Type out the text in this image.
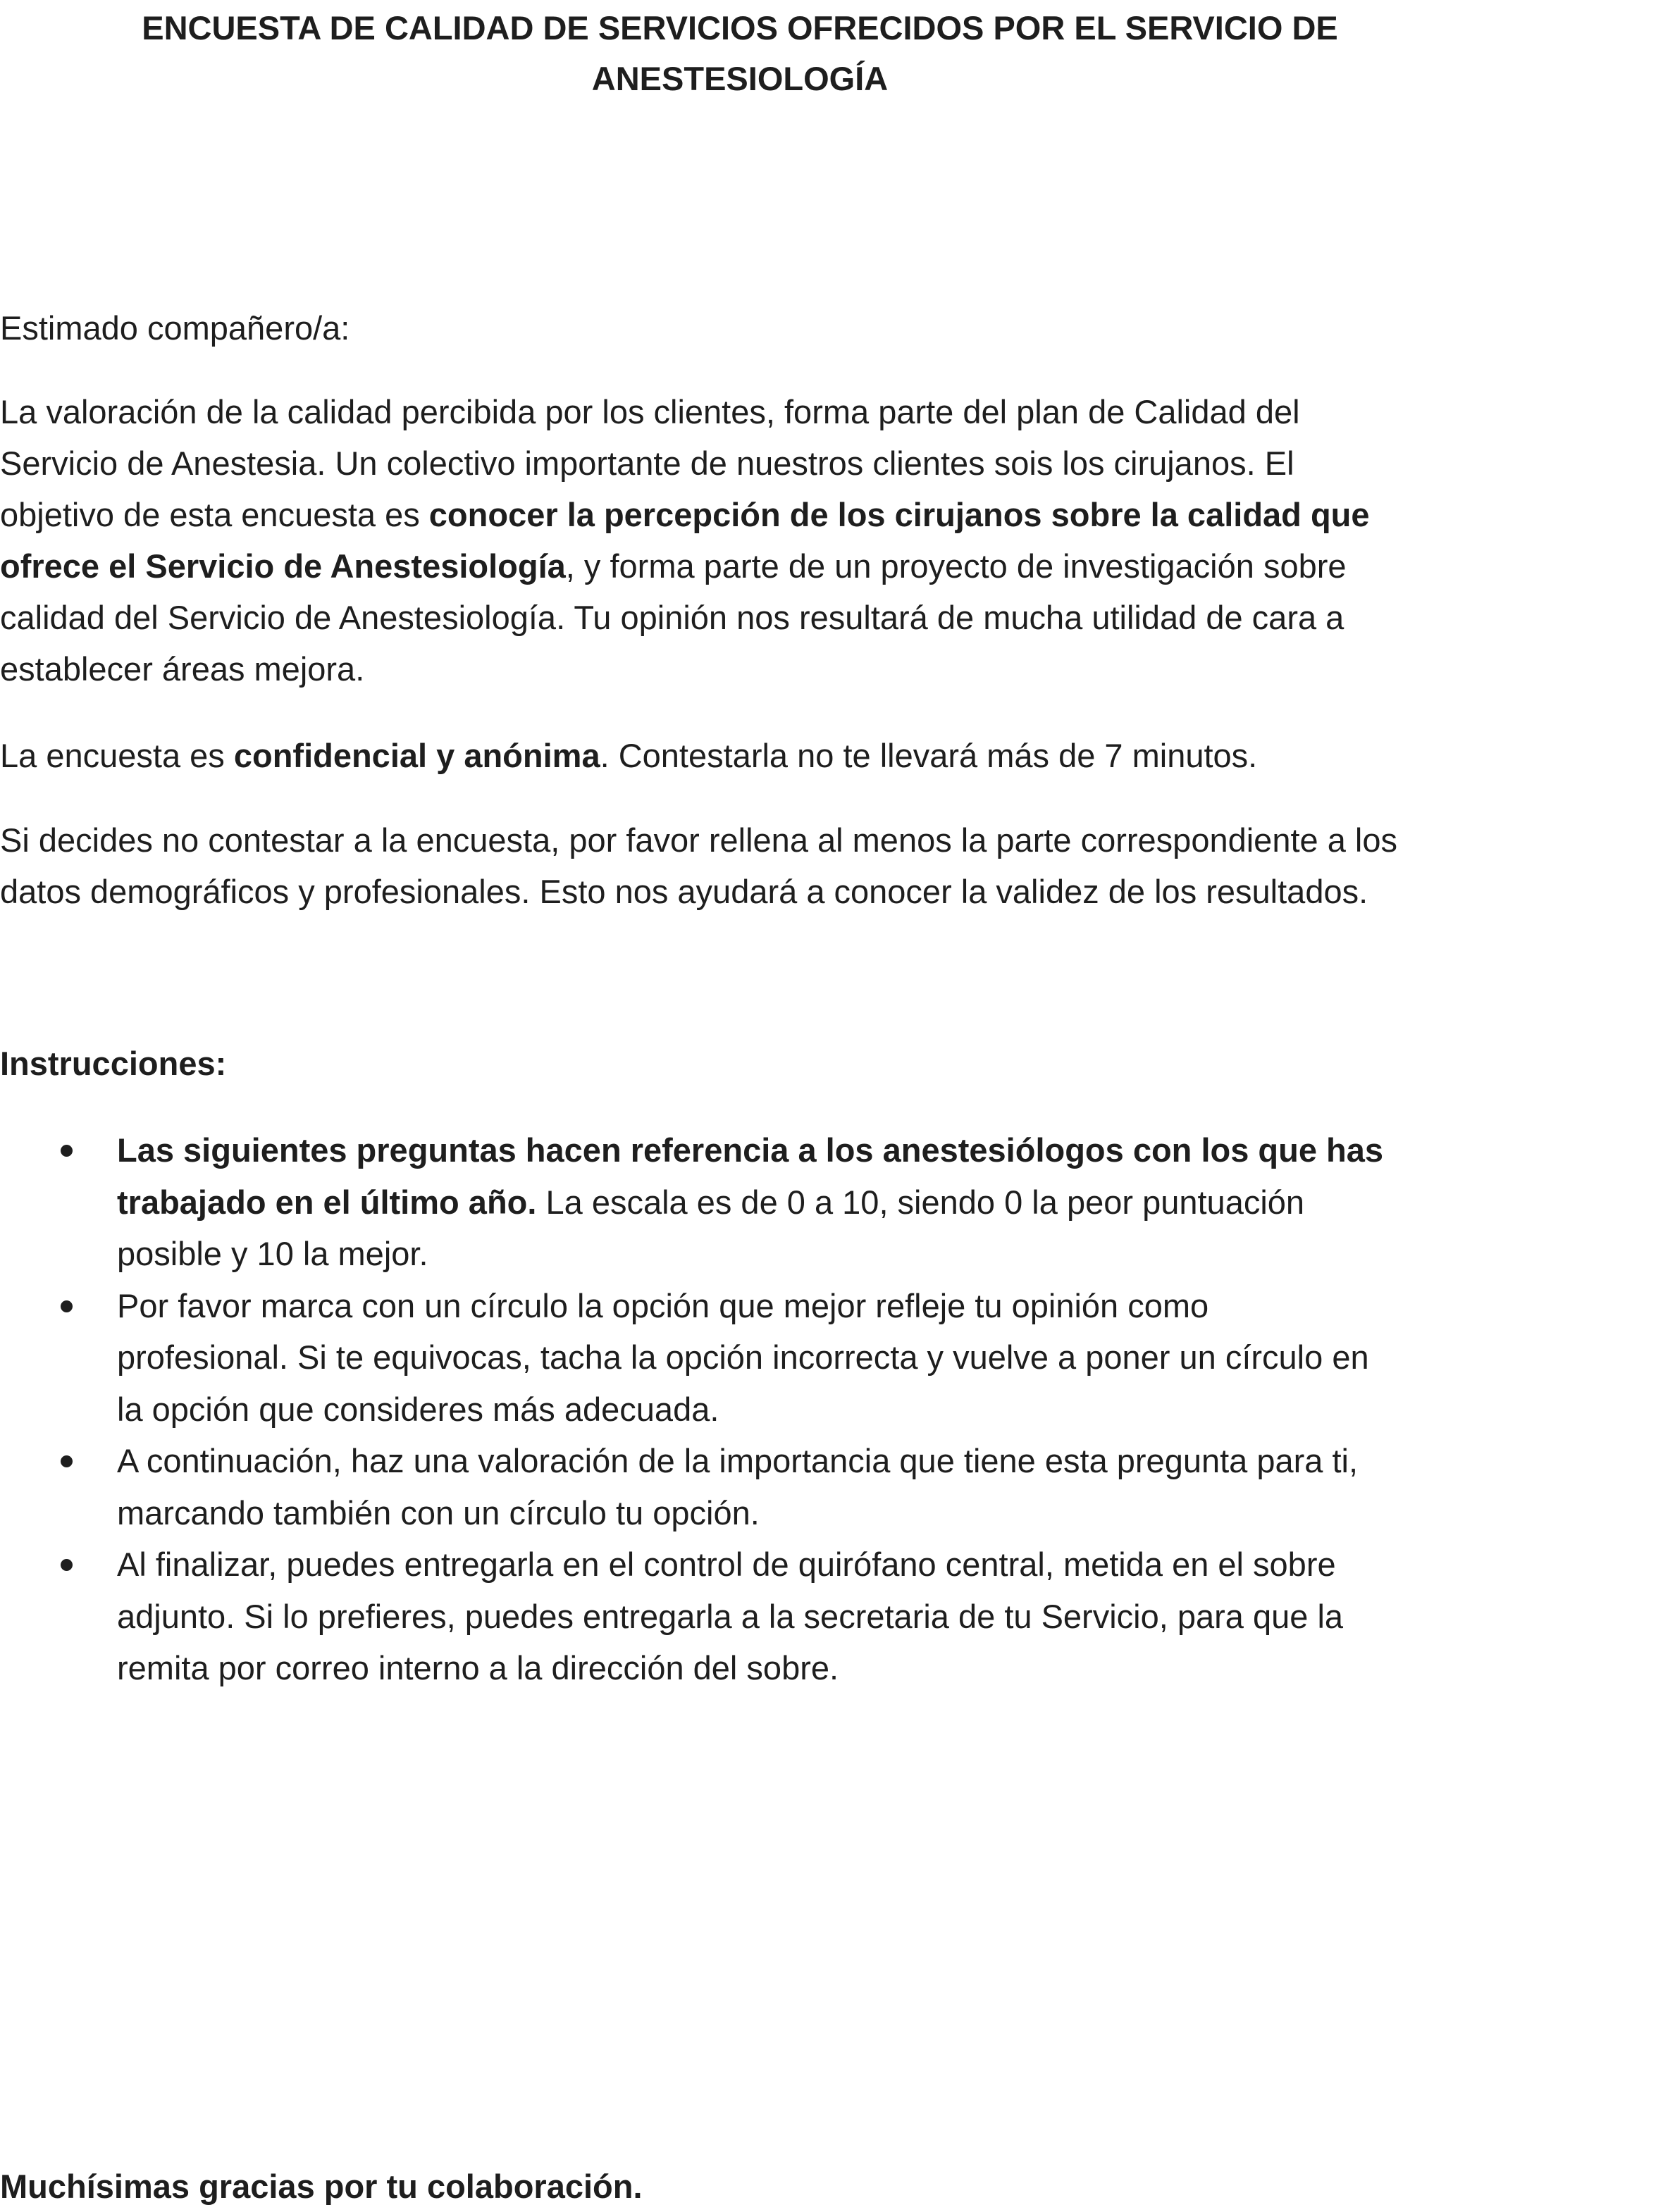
ENCUESTA DE CALIDAD DE SERVICIOS OFRECIDOS POR EL SERVICIO DE
ANESTESIOLOGÍA

Estimado compañero/a:

La valoración de la calidad percibida por los clientes, forma parte del plan de Calidad del
Servicio de Anestesia. Un colectivo importante de nuestros clientes sois los cirujanos. El
objetivo de esta encuesta es conocer la percepción de los cirujanos sobre la calidad que
ofrece el Servicio de Anestesiología, y forma parte de un proyecto de investigación sobre
calidad del Servicio de Anestesiología. Tu opinión nos resultará de mucha utilidad de cara a
establecer áreas mejora.

La encuesta es confidencial y anónima. Contestarla no te llevará más de 7 minutos.

Si decides no contestar a la encuesta, por favor rellena al menos la parte correspondiente a los
datos demográficos y profesionales. Esto nos ayudará a conocer la validez de los resultados.

Instrucciones:
Las siguientes preguntas hacen referencia a los anestesiólogos con los que has
trabajado en el último año. La escala es de 0 a 10, siendo 0 la peor puntuación
posible y 10 la mejor.
Por favor marca con un círculo la opción que mejor refleje tu opinión como
profesional. Si te equivocas, tacha la opción incorrecta y vuelve a poner un círculo en
la opción que consideres más adecuada.
A continuación, haz una valoración de la importancia que tiene esta pregunta para ti,
marcando también con un círculo tu opción.
Al finalizar, puedes entregarla en el control de quirófano central, metida en el sobre
adjunto. Si lo prefieres, puedes entregarla a la secretaria de tu Servicio, para que la
remita por correo interno a la dirección del sobre.

Muchísimas gracias por tu colaboración.
